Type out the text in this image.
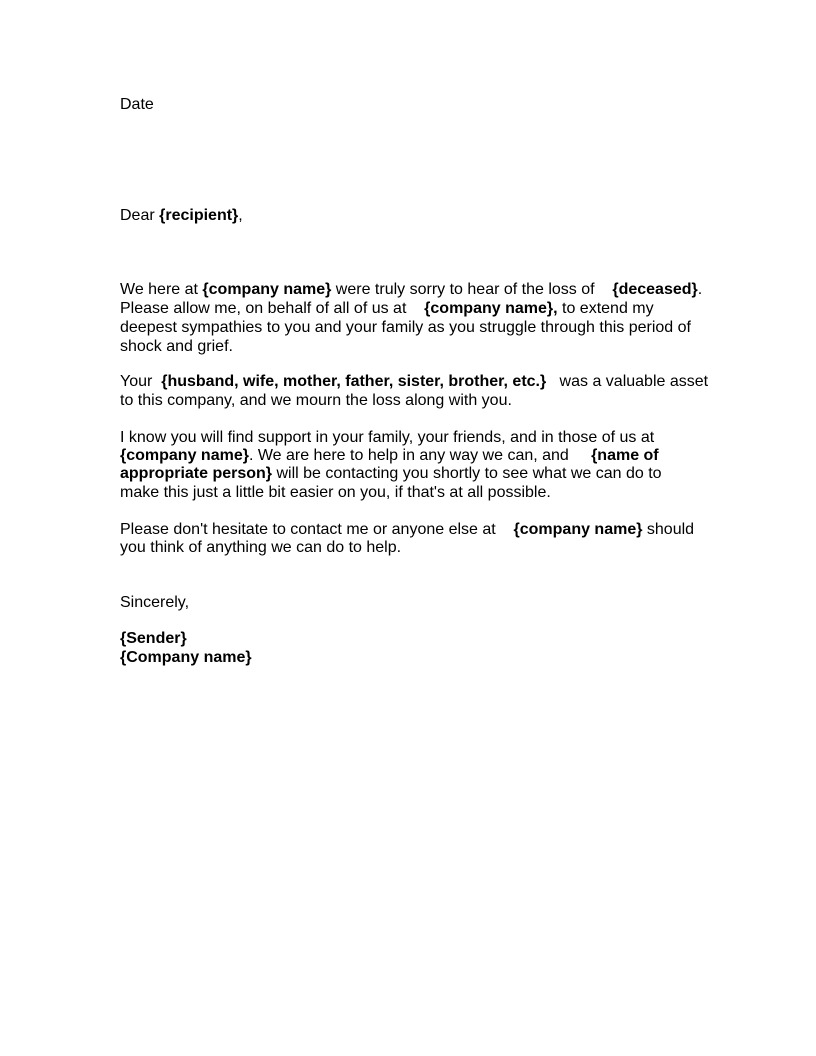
Date
Dear {recipient},
We here at {company name} were truly sorry to hear of the loss of    {deceased}.
Please allow me, on behalf of all of us at    {company name}, to extend my
deepest sympathies to you and your family as you struggle through this period of
shock and grief.
Your  {husband, wife, mother, father, sister, brother, etc.}   was a valuable asset
to this company, and we mourn the loss along with you.
I know you will find support in your family, your friends, and in those of us at
{company name}. We are here to help in any way we can, and     {name of
appropriate person} will be contacting you shortly to see what we can do to
make this just a little bit easier on you, if that's at all possible.
Please don't hesitate to contact me or anyone else at    {company name} should
you think of anything we can do to help.
Sincerely,
{Sender}
{Company name}
